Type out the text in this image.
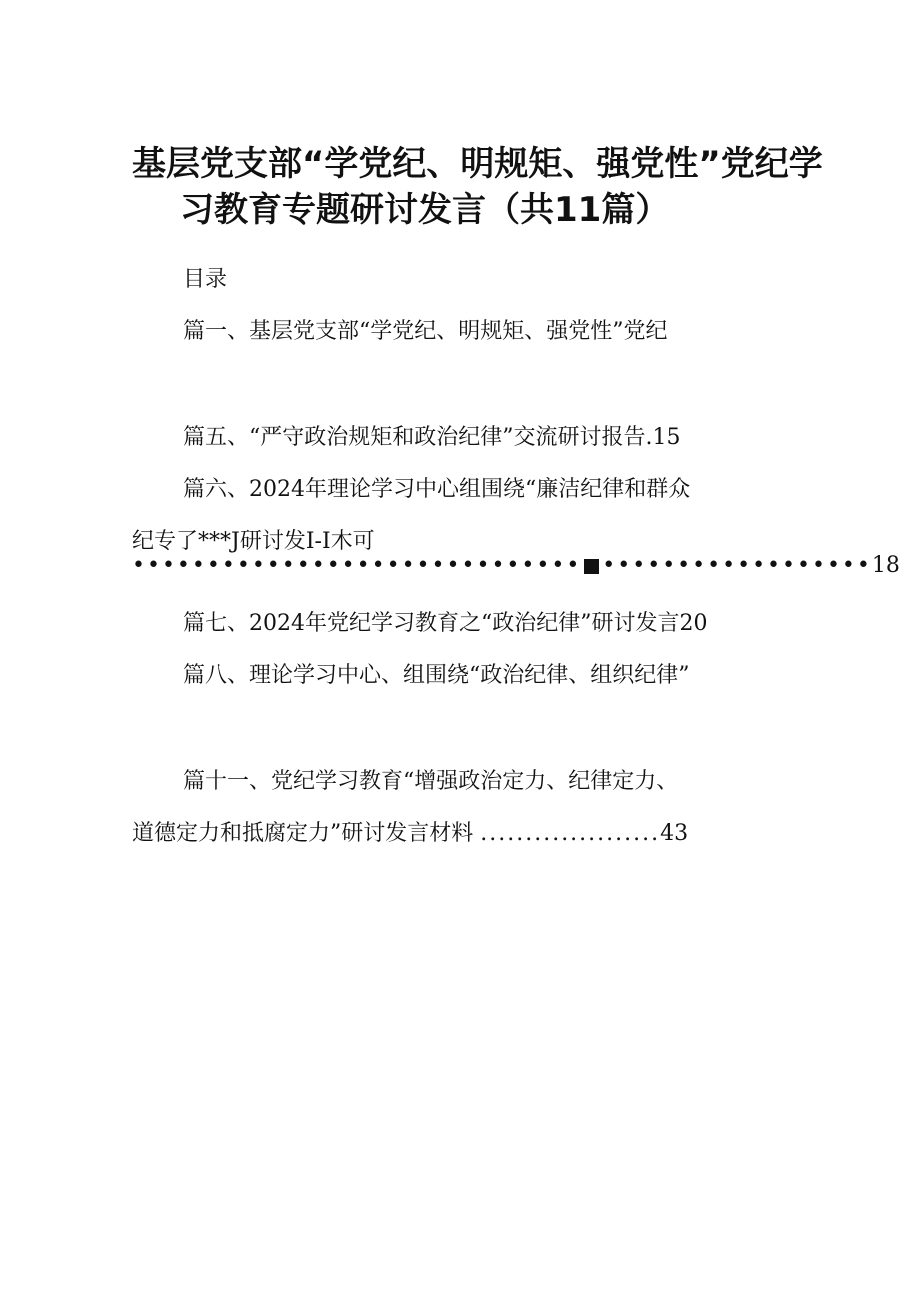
基层党支部“学党纪、明规矩、强党性”党纪学
习教育专题研讨发言（共11篇）
目录
篇一、基层党支部“学党纪、明规矩、强党性”党纪
篇五、“严守政治规矩和政治纪律”交流研讨报告.15
篇六、2024年理论学习中心组围绕“廉洁纪律和群众
纪专了***J研讨发I-I木可
•••••••••••••••••••••••••••••• ••••••••••••••••••18
篇七、2024年党纪学习教育之“政治纪律”研讨发言20
篇八、理论学习中心、组围绕“政治纪律、组织纪律”
篇十一、党纪学习教育“增强政治定力、纪律定力、
道德定力和抵腐定力”研讨发言材料 ....................43
